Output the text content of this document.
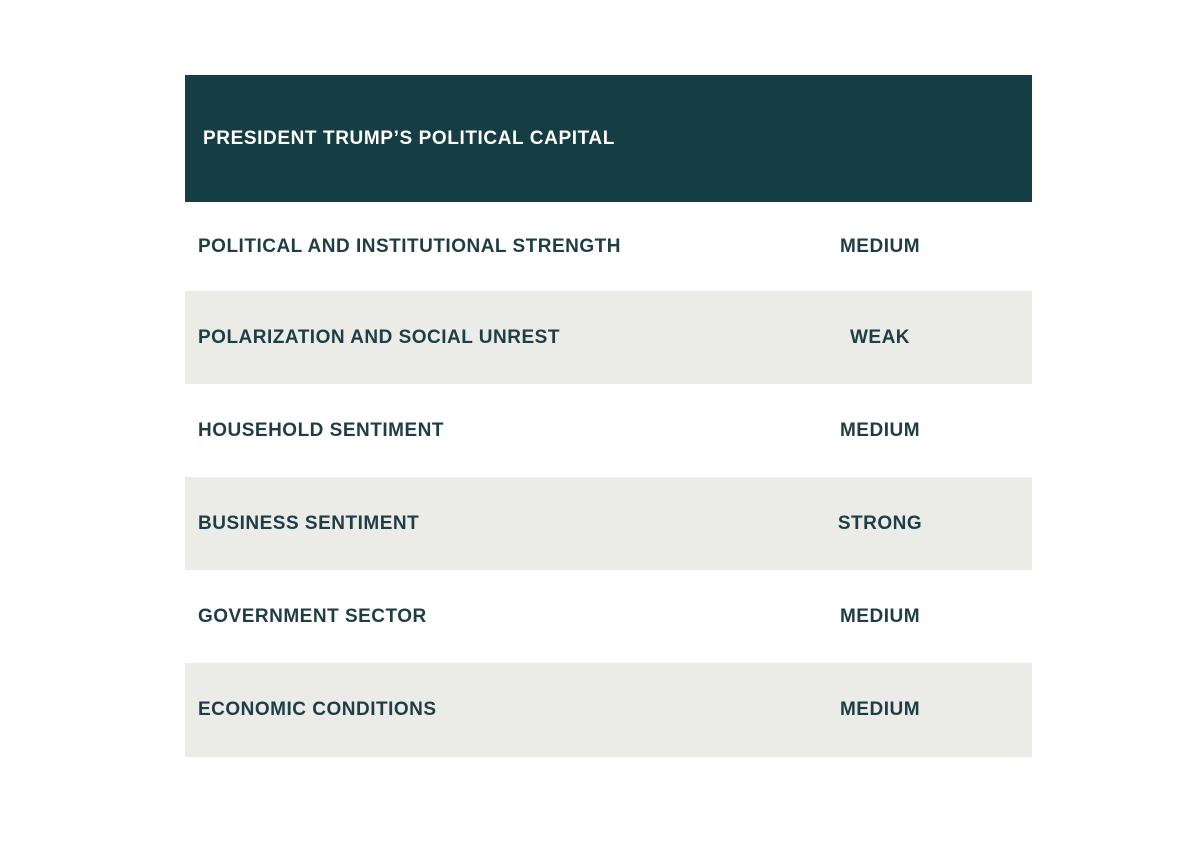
PRESIDENT TRUMP’S POLITICAL CAPITAL
POLITICAL AND INSTITUTIONAL STRENGTH	MEDIUM
POLARIZATION AND SOCIAL UNREST	WEAK
HOUSEHOLD SENTIMENT	MEDIUM
BUSINESS SENTIMENT	STRONG
GOVERNMENT SECTOR	MEDIUM
ECONOMIC CONDITIONS	MEDIUM
